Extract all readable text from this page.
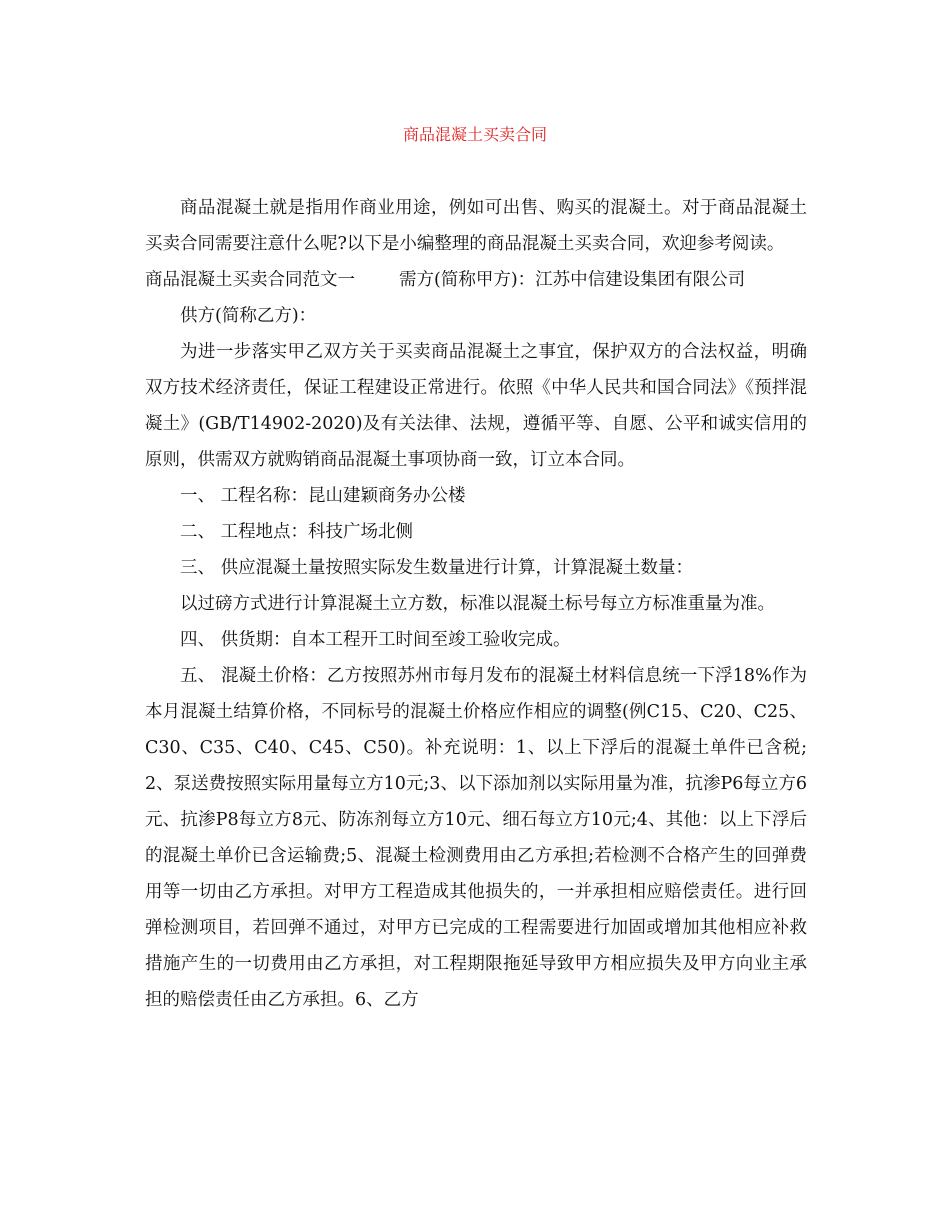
商品混凝土买卖合同

商品混凝土就是指用作商业用途，例如可出售、购买的混凝土。对于商品混凝土买卖合同需要注意什么呢?以下是小编整理的商品混凝土买卖合同，欢迎参考阅读。

商品混凝土买卖合同范文一	需方(简称甲方)：江苏中信建设集团有限公司

供方(简称乙方)：

为进一步落实甲乙双方关于买卖商品混凝土之事宜，保护双方的合法权益，明确双方技术经济责任，保证工程建设正常进行。依照《中华人民共和国合同法》《预拌混凝土》(GB/T14902-2020)及有关法律、法规，遵循平等、自愿、公平和诚实信用的原则，供需双方就购销商品混凝土事项协商一致，订立本合同。

一、 工程名称：昆山建颖商务办公楼

二、 工程地点：科技广场北侧

三、 供应混凝土量按照实际发生数量进行计算，计算混凝土数量：

以过磅方式进行计算混凝土立方数，标准以混凝土标号每立方标准重量为准。

四、 供货期：自本工程开工时间至竣工验收完成。

五、 混凝土价格：乙方按照苏州市每月发布的混凝土材料信息统一下浮18%作为本月混凝土结算价格，不同标号的混凝土价格应作相应的调整(例C15、C20、C25、C30、C35、C40、C45、C50)。补充说明：1、以上下浮后的混凝土单件已含税;2、泵送费按照实际用量每立方10元;3、以下添加剂以实际用量为准，抗渗P6每立方6元、抗渗P8每立方8元、防冻剂每立方10元、细石每立方10元;4、其他：以上下浮后的混凝土单价已含运输费;5、混凝土检测费用由乙方承担;若检测不合格产生的回弹费用等一切由乙方承担。对甲方工程造成其他损失的，一并承担相应赔偿责任。进行回弹检测项目，若回弹不通过，对甲方已完成的工程需要进行加固或增加其他相应补救措施产生的一切费用由乙方承担，对工程期限拖延导致甲方相应损失及甲方向业主承担的赔偿责任由乙方承担。6、乙方
